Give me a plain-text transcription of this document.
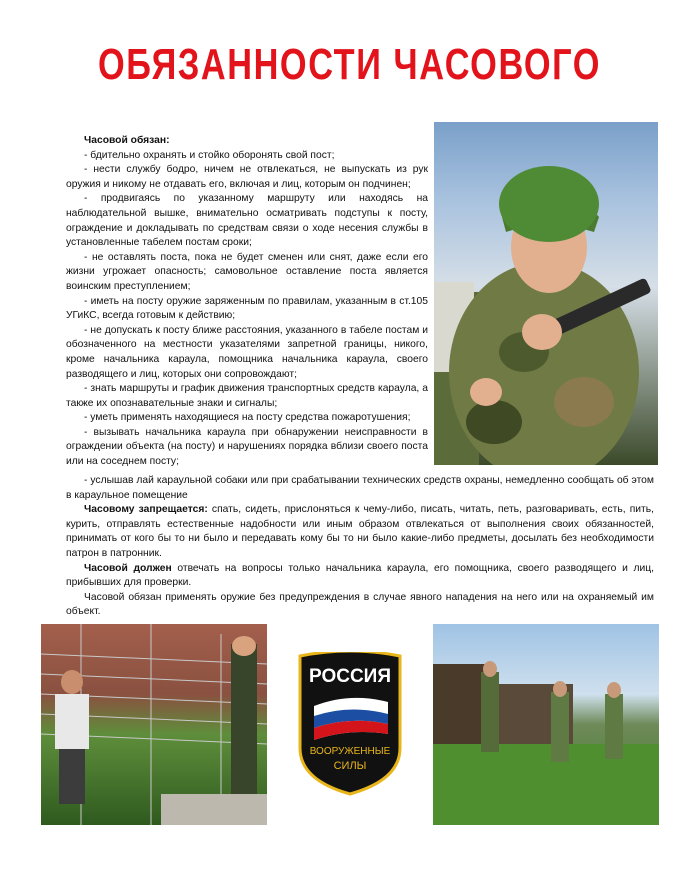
ОБЯЗАННОСТИ ЧАСОВОГО

Часовой обязан:

- бдительно охранять и стойко оборонять свой пост;

- нести службу бодро, ничем не отвлекаться, не выпускать из рук оружия и никому не отдавать его, включая и лиц, которым он подчинен;

- продвигаясь по указанному маршруту или находясь на наблюдательной вышке, внимательно осматривать подступы к посту, ограждение и докладывать по средствам связи о ходе несения службы в установленные табелем постам сроки;

- не оставлять поста, пока не будет сменен или снят, даже если его жизни угрожает опасность; самовольное оставление поста является воинским преступлением;

- иметь на посту оружие заряженным по правилам, указанным в ст.105 УГиКС, всегда готовым к действию;

- не допускать к посту ближе расстояния, указанного в табеле постам и обозначенного на местности указателями запретной границы, никого, кроме начальника караула, помощника начальника караула, своего разводящего и лиц, которых они сопровождают;

- знать маршруты и график движения транспортных средств караула, а также их опознавательные знаки и сигналы;

- уметь применять находящиеся на посту средства пожаротушения;

- вызывать начальника караула при обнаружении неисправности в ограждении объекта (на посту) и нарушениях порядка вблизи своего поста или на соседнем посту;

- услышав лай караульной собаки или при срабатывании технических средств охраны, немедленно сообщать об этом в караульное помещение

Часовому запрещается: спать, сидеть, прислоняться к чему-либо, писать, читать, петь, разговаривать, есть, пить, курить, отправлять естественные надобности или иным образом отвлекаться от выполнения своих обязанностей, принимать от кого бы то ни было и передавать кому бы то ни было какие-либо предметы, досылать без необходимости патрон в патронник.

Часовой должен отвечать на вопросы только начальника караула, его помощника, своего разводящего и лиц, прибывших для проверки.

Часовой обязан применять оружие без предупреждения в случае явного нападения на него или на охраняемый им объект.

РОССИЯ
ВООРУЖЕННЫЕ
СИЛЫ
